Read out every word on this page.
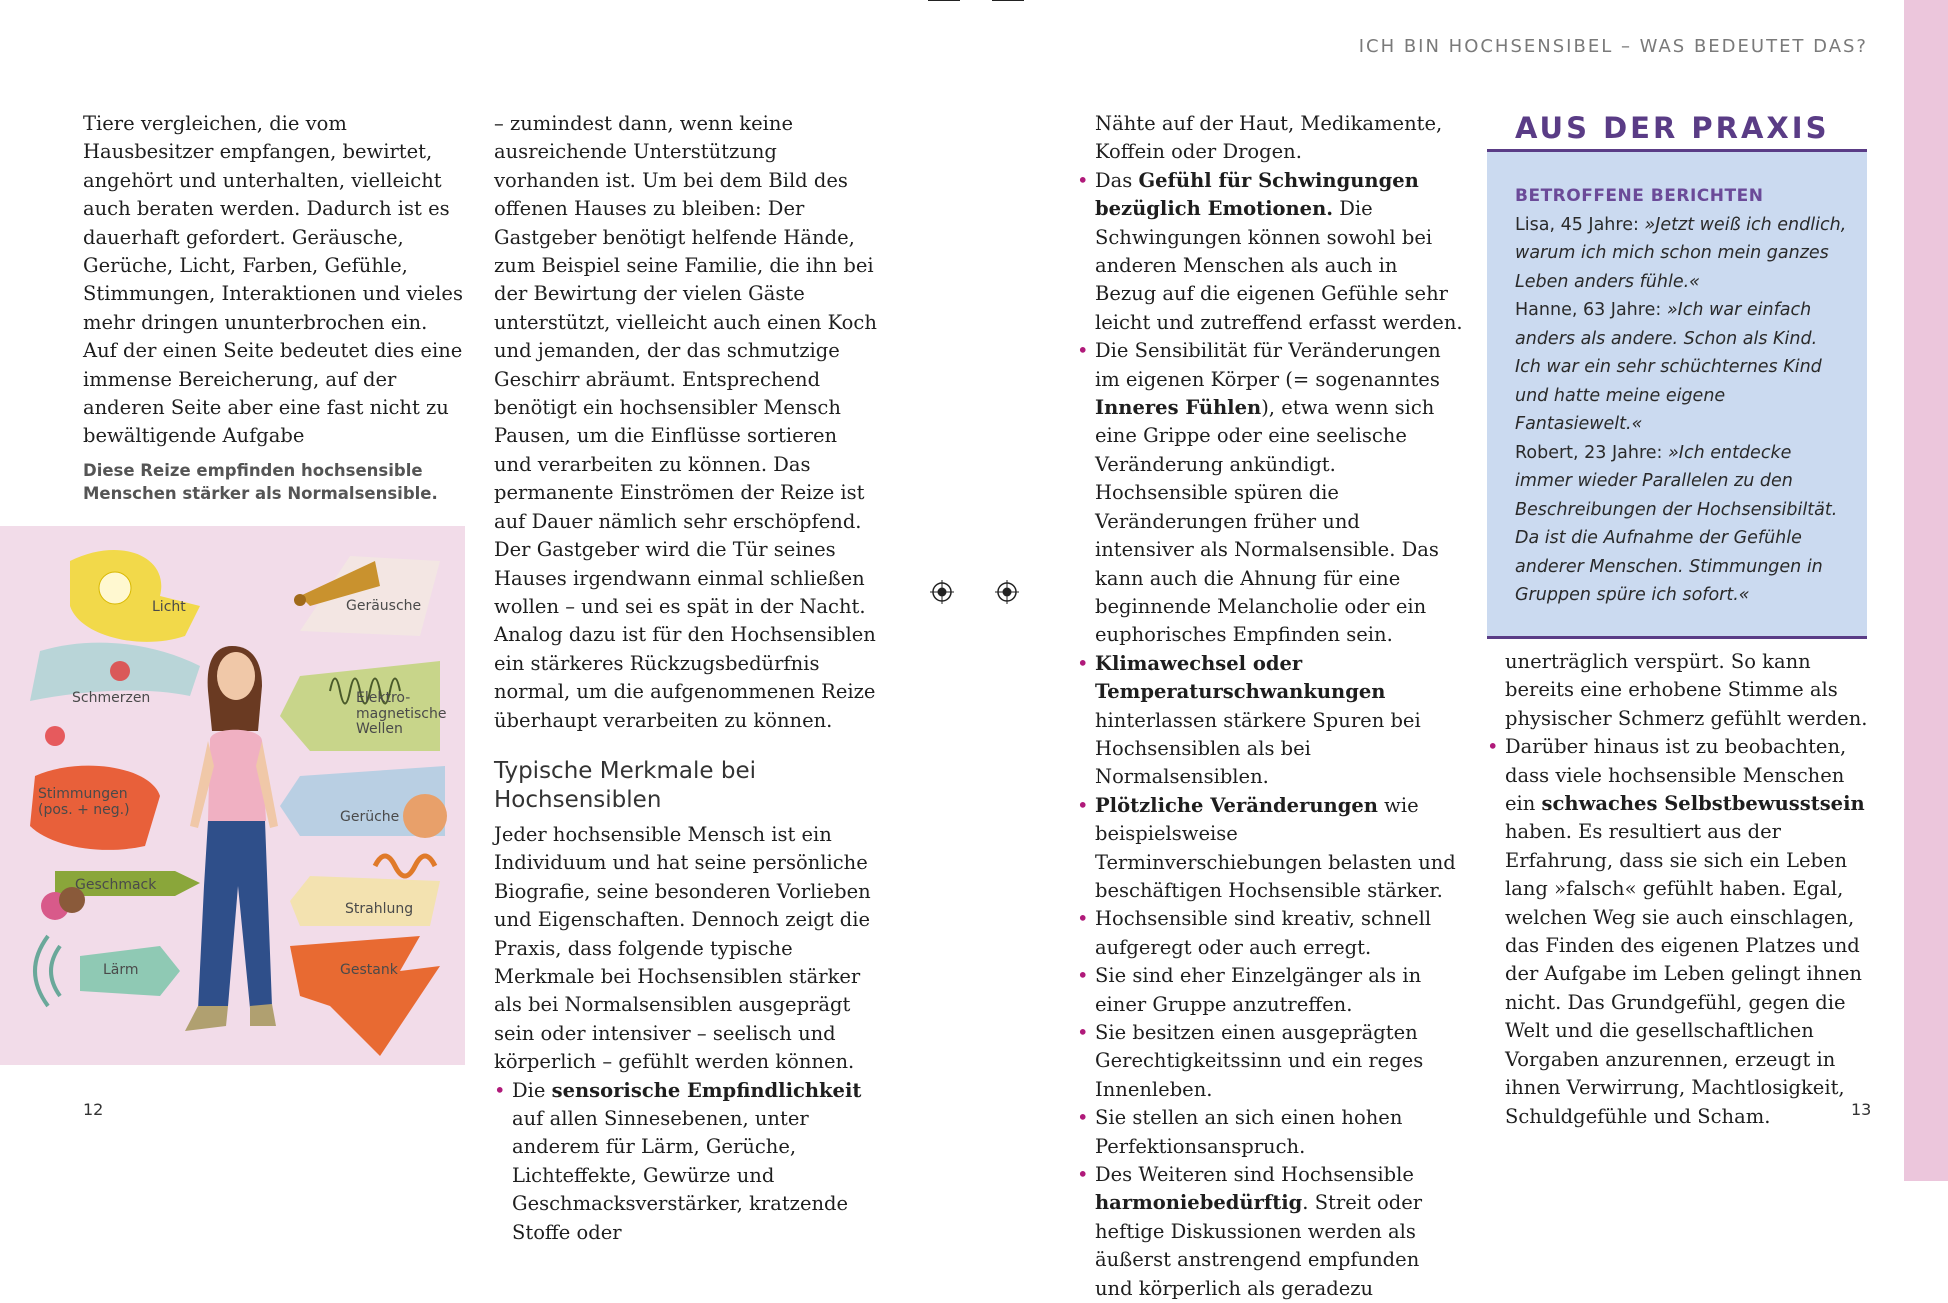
ICH BIN HOCHSENSIBEL – WAS BEDEUTET DAS?

Tiere vergleichen, die vom Hausbesitzer empfangen, bewirtet, angehört und unterhalten, vielleicht auch beraten werden. Dadurch ist es dauerhaft gefordert. Geräusche, Gerüche, Licht, Farben, Gefühle, Stimmungen, Interaktionen und vieles mehr dringen ununterbrochen ein.

Auf der einen Seite bedeutet dies eine immense Bereicherung, auf der anderen Seite aber eine fast nicht zu bewältigende Aufgabe

Diese Reize empfinden hochsensible Menschen stärker als Normalsensible.
Licht	Geräusche
Schmerzen	Elektro-
magnetische
Wellen
Stimmungen
(pos. + neg.)	Gerüche
Geschmack
Strahlung
Lärm	Gestank

– zumindest dann, wenn keine ausreichende Unterstützung vorhanden ist. Um bei dem Bild des offenen Hauses zu bleiben: Der Gastgeber benötigt helfende Hände, zum Beispiel seine Familie, die ihn bei der Bewirtung der vielen Gäste unterstützt, vielleicht auch einen Koch und jemanden, der das schmutzige Geschirr abräumt. Entsprechend benötigt ein hochsensibler Mensch Pausen, um die Einflüsse sortieren und verarbeiten zu können. Das permanente Einströmen der Reize ist auf Dauer nämlich sehr erschöpfend. Der Gastgeber wird die Tür seines Hauses irgendwann einmal schließen wollen – und sei es spät in der Nacht. Analog dazu ist für den Hochsensiblen ein stärkeres Rückzugsbedürfnis normal, um die aufgenommenen Reize überhaupt verarbeiten zu können.

Typische Merkmale bei Hochsensiblen

Jeder hochsensible Mensch ist ein Individuum und hat seine persönliche Biografie, seine besonderen Vorlieben und Eigenschaften. Dennoch zeigt die Praxis, dass folgende typische Merkmale bei Hochsensiblen stärker als bei Normalsensiblen ausgeprägt sein oder intensiver – seelisch und körperlich – gefühlt werden können.

• Die sensorische Empfindlichkeit auf allen Sinnesebenen, unter anderem für Lärm, Gerüche, Lichteffekte, Gewürze und Geschmacksverstärker, kratzende Stoffe oder

Nähte auf der Haut, Medikamente, Koffein oder Drogen.

• Das Gefühl für Schwingungen bezüglich Emotionen. Die Schwingungen können sowohl bei anderen Menschen als auch in Bezug auf die eigenen Gefühle sehr leicht und zutreffend erfasst werden.
• Die Sensibilität für Veränderungen im eigenen Körper (= sogenanntes Inneres Fühlen), etwa wenn sich eine Grippe oder eine seelische Veränderung ankündigt. Hochsensible spüren die Veränderungen früher und intensiver als Normalsensible. Das kann auch die Ahnung für eine beginnende Melancholie oder ein euphorisches Empfinden sein.
• Klimawechsel oder Temperaturschwankungen hinterlassen stärkere Spuren bei Hochsensiblen als bei Normalsensiblen.
• Plötzliche Veränderungen wie beispielsweise Terminverschiebungen belasten und beschäftigen Hochsensible stärker.
• Hochsensible sind kreativ, schnell aufgeregt oder auch erregt.
• Sie sind eher Einzelgänger als in einer Gruppe anzutreffen.
• Sie besitzen einen ausgeprägten Gerechtigkeitssinn und ein reges Innenleben.
• Sie stellen an sich einen hohen Perfektionsanspruch.
• Des Weiteren sind Hochsensible harmoniebedürftig. Streit oder heftige Diskussionen werden als äußerst anstrengend empfunden und körperlich als geradezu
AUS DER PRAXIS
BETROFFENE BERICHTEN
Lisa, 45 Jahre: »Jetzt weiß ich endlich, warum ich mich schon mein ganzes Leben anders fühle.«
Hanne, 63 Jahre: »Ich war einfach anders als andere. Schon als Kind. Ich war ein sehr schüchternes Kind und hatte meine eigene Fantasiewelt.«
Robert, 23 Jahre: »Ich entdecke immer wieder Parallelen zu den Beschreibungen der Hochsensibiltät. Da ist die Aufnahme der Gefühle anderer Menschen. Stimmungen in Gruppen spüre ich sofort.«

unerträglich verspürt. So kann bereits eine erhobene Stimme als physischer Schmerz gefühlt werden.

• Darüber hinaus ist zu beobachten, dass viele hochsensible Menschen ein schwaches Selbstbewusstsein haben. Es resultiert aus der Erfahrung, dass sie sich ein Leben lang »falsch« gefühlt haben. Egal, welchen Weg sie auch einschlagen, das Finden des eigenen Platzes und der Aufgabe im Leben gelingt ihnen nicht. Das Grundgefühl, gegen die Welt und die gesellschaftlichen Vorgaben anzurennen, erzeugt in ihnen Verwirrung, Machtlosigkeit, Schuldgefühle und Scham.
12	13
